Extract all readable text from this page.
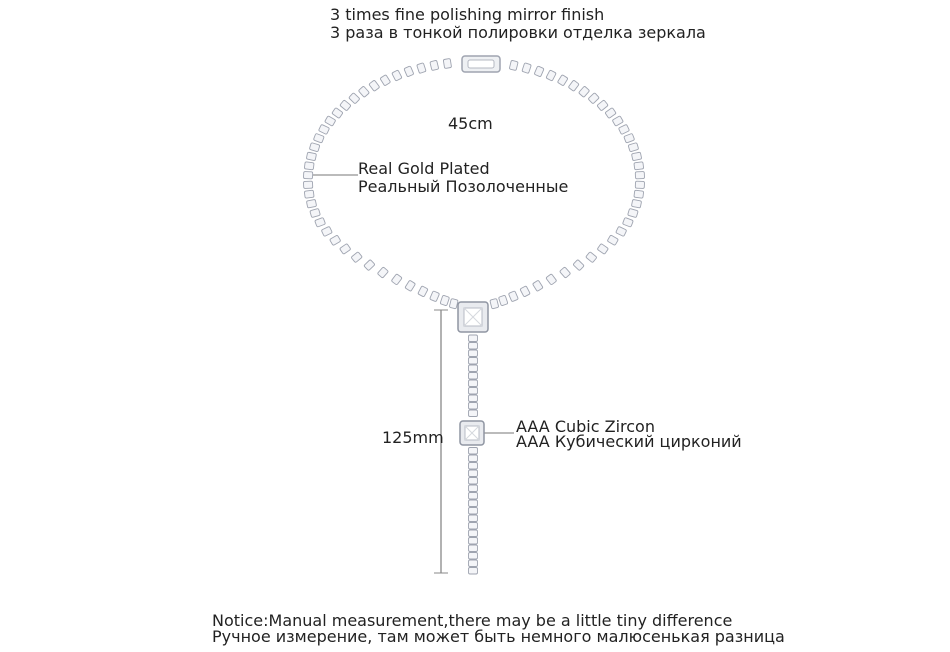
3 times fine polishing mirror finish
3 раза в тонкой полировки отделка зеркала
45cm
Real Gold Plated
Реальный Позолоченные
125mm
AAA Cubic Zircon
AAA Кубический цирконий
Notice:Manual measurement,there may be a little tiny difference
Ручное измерение, там может быть немного малюсенькая разница
